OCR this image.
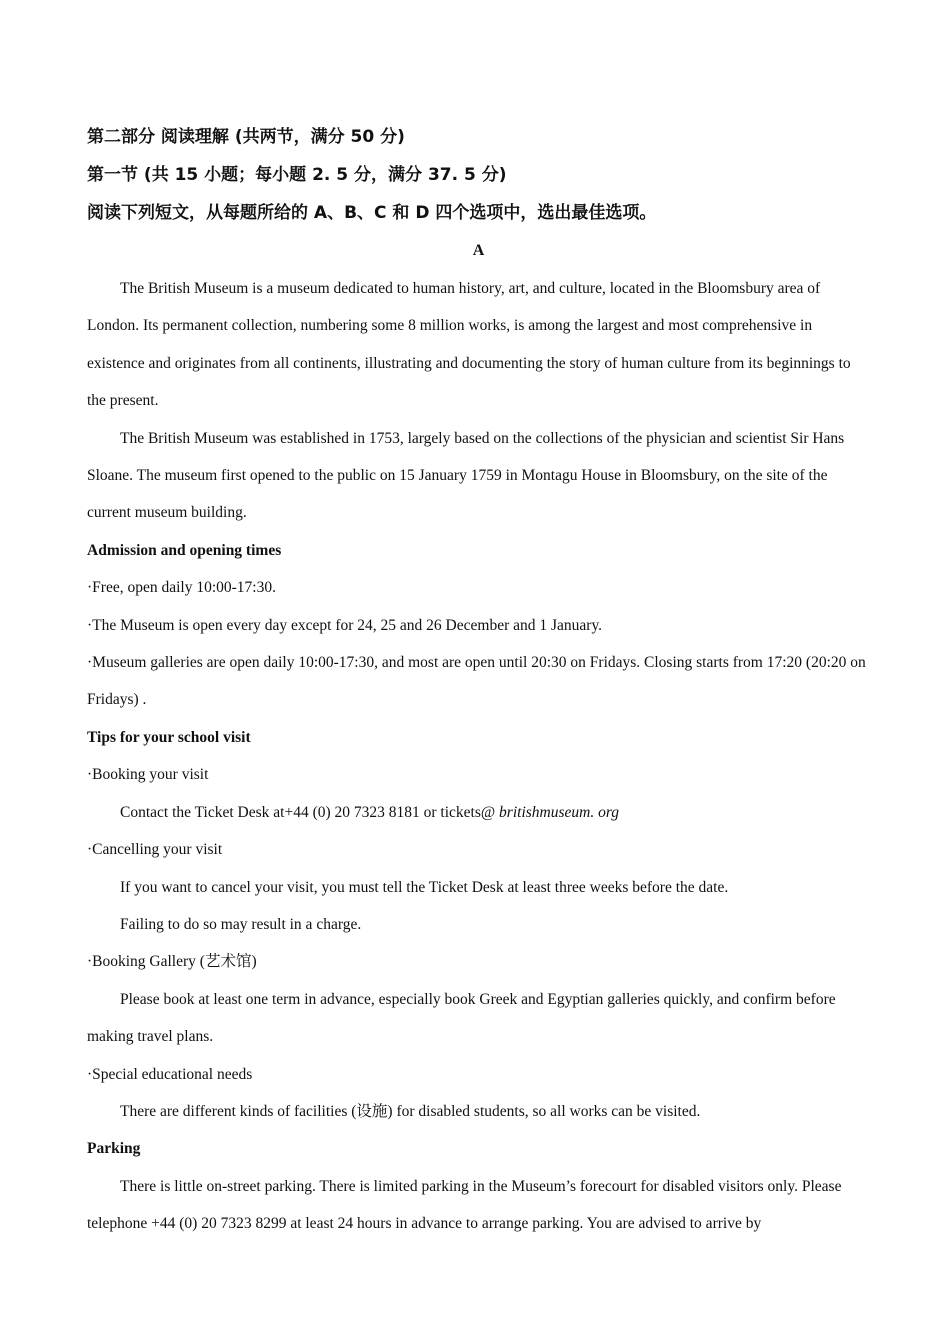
第二部分 阅读理解 (共两节，满分 50 分)
第一节 (共 15 小题；每小题 2. 5 分，满分 37. 5 分)
阅读下列短文，从每题所给的 A、B、C 和 D 四个选项中，选出最佳选项。
A

The British Museum is a museum dedicated to human history, art, and culture, located in the Bloomsbury area of London. Its permanent collection, numbering some 8 million works, is among the largest and most comprehensive in existence and originates from all continents, illustrating and documenting the story of human culture from its beginnings to the present.

The British Museum was established in 1753, largely based on the collections of the physician and scientist Sir Hans Sloane. The museum first opened to the public on 15 January 1759 in Montagu House in Bloomsbury, on the site of the current museum building.

Admission and opening times

·Free, open daily 10:00-17:30.

·The Museum is open every day except for 24, 25 and 26 December and 1 January.

·Museum galleries are open daily 10:00-17:30, and most are open until 20:30 on Fridays. Closing starts from 17:20 (20:20 on Fridays) .

Tips for your school visit

·Booking your visit

Contact the Ticket Desk at+44 (0) 20 7323 8181 or tickets@ britishmuseum. org

·Cancelling your visit

If you want to cancel your visit, you must tell the Ticket Desk at least three weeks before the date.

Failing to do so may result in a charge.

·Booking Gallery (艺术馆)

Please book at least one term in advance, especially book Greek and Egyptian galleries quickly, and confirm before making travel plans.

·Special educational needs

There are different kinds of facilities (设施) for disabled students, so all works can be visited.

Parking

There is little on-street parking. There is limited parking in the Museum’s forecourt for disabled visitors only. Please telephone +44 (0) 20 7323 8299 at least 24 hours in advance to arrange parking. You are advised to arrive by
